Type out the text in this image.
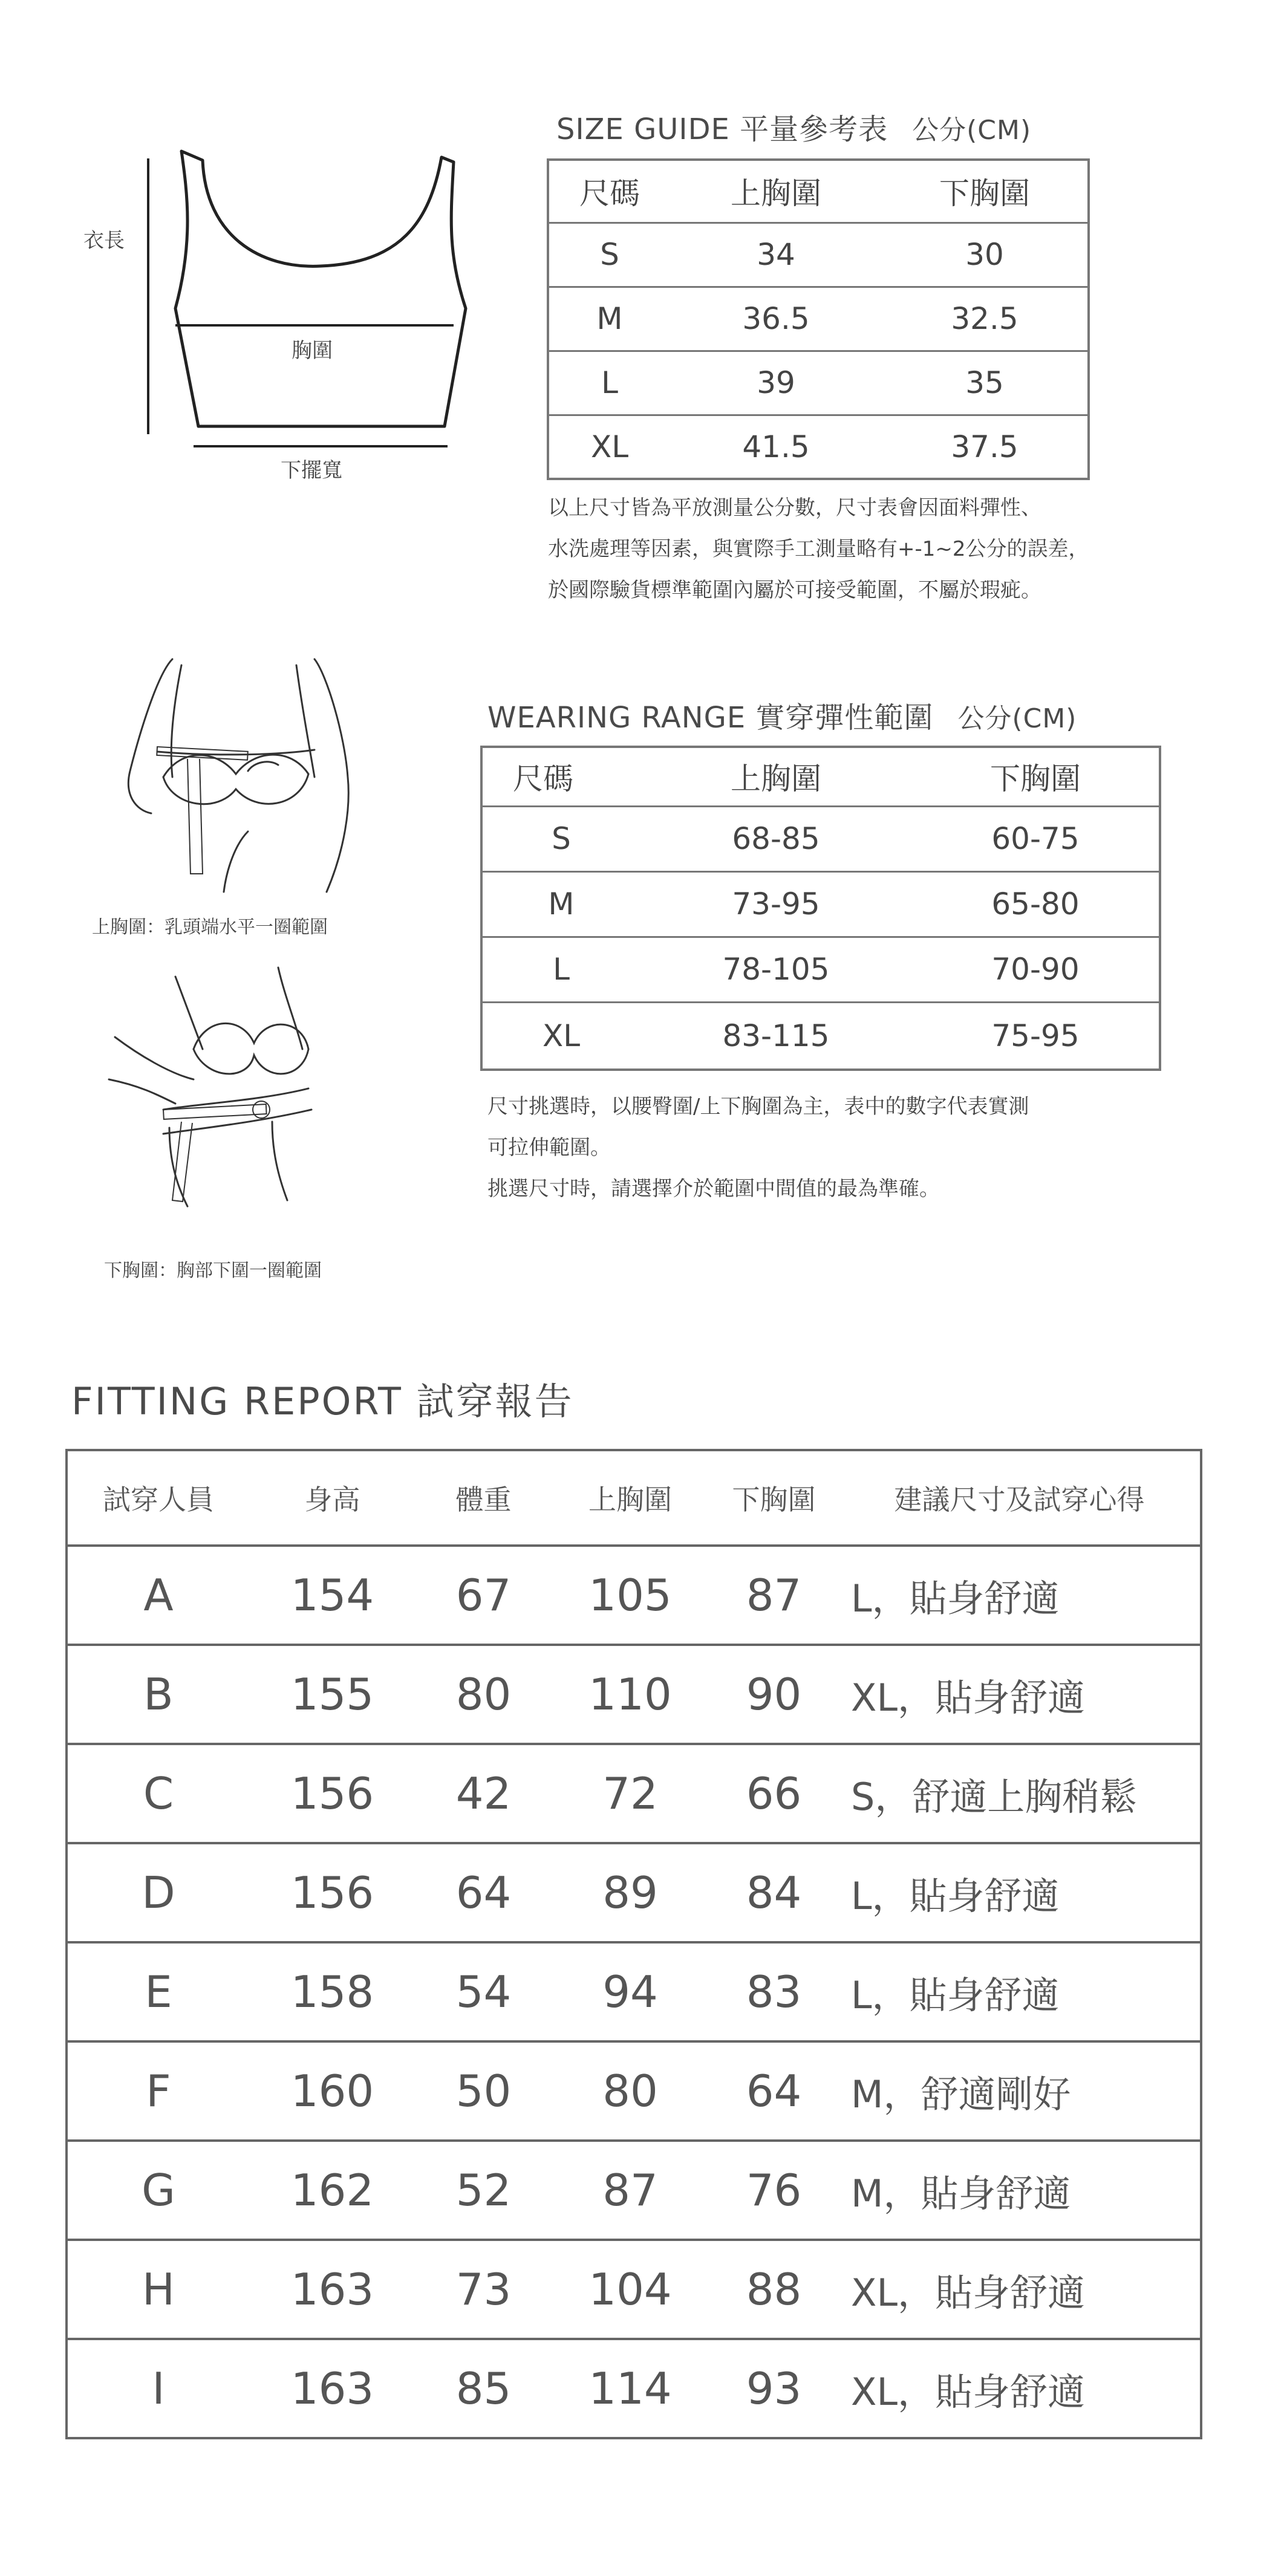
衣長
胸圍
下擺寬
SIZE GUIDE 平量參考表 公分(CM)
尺碼	上胸圍	下胸圍
S	34	30
M	36.5	32.5
L	39	35
XL	41.5	37.5
以上尺寸皆為平放測量公分數，尺寸表會因面料彈性、
水洗處理等因素，與實際手工測量略有+-1~2公分的誤差，
於國際驗貨標準範圍內屬於可接受範圍，不屬於瑕疵。
上胸圍：乳頭端水平一圈範圍
下胸圍：胸部下圍一圈範圍
WEARING RANGE 實穿彈性範圍 公分(CM)
尺碼	上胸圍	下胸圍
S	68-85	60-75
M	73-95	65-80
L	78-105	70-90
XL	83-115	75-95
尺寸挑選時，以腰臀圍/上下胸圍為主，表中的數字代表實測
可拉伸範圍。
挑選尺寸時，請選擇介於範圍中間值的最為準確。
FITTING REPORT 試穿報告
試穿人員	身高	體重	上胸圍	下胸圍	建議尺寸及試穿心得
A	154	67	105	87	L，貼身舒適
B	155	80	110	90	XL，貼身舒適
C	156	42	72	66	S，舒適上胸稍鬆
D	156	64	89	84	L，貼身舒適
E	158	54	94	83	L，貼身舒適
F	160	50	80	64	M，舒適剛好
G	162	52	87	76	M，貼身舒適
H	163	73	104	88	XL，貼身舒適
I	163	85	114	93	XL，貼身舒適
